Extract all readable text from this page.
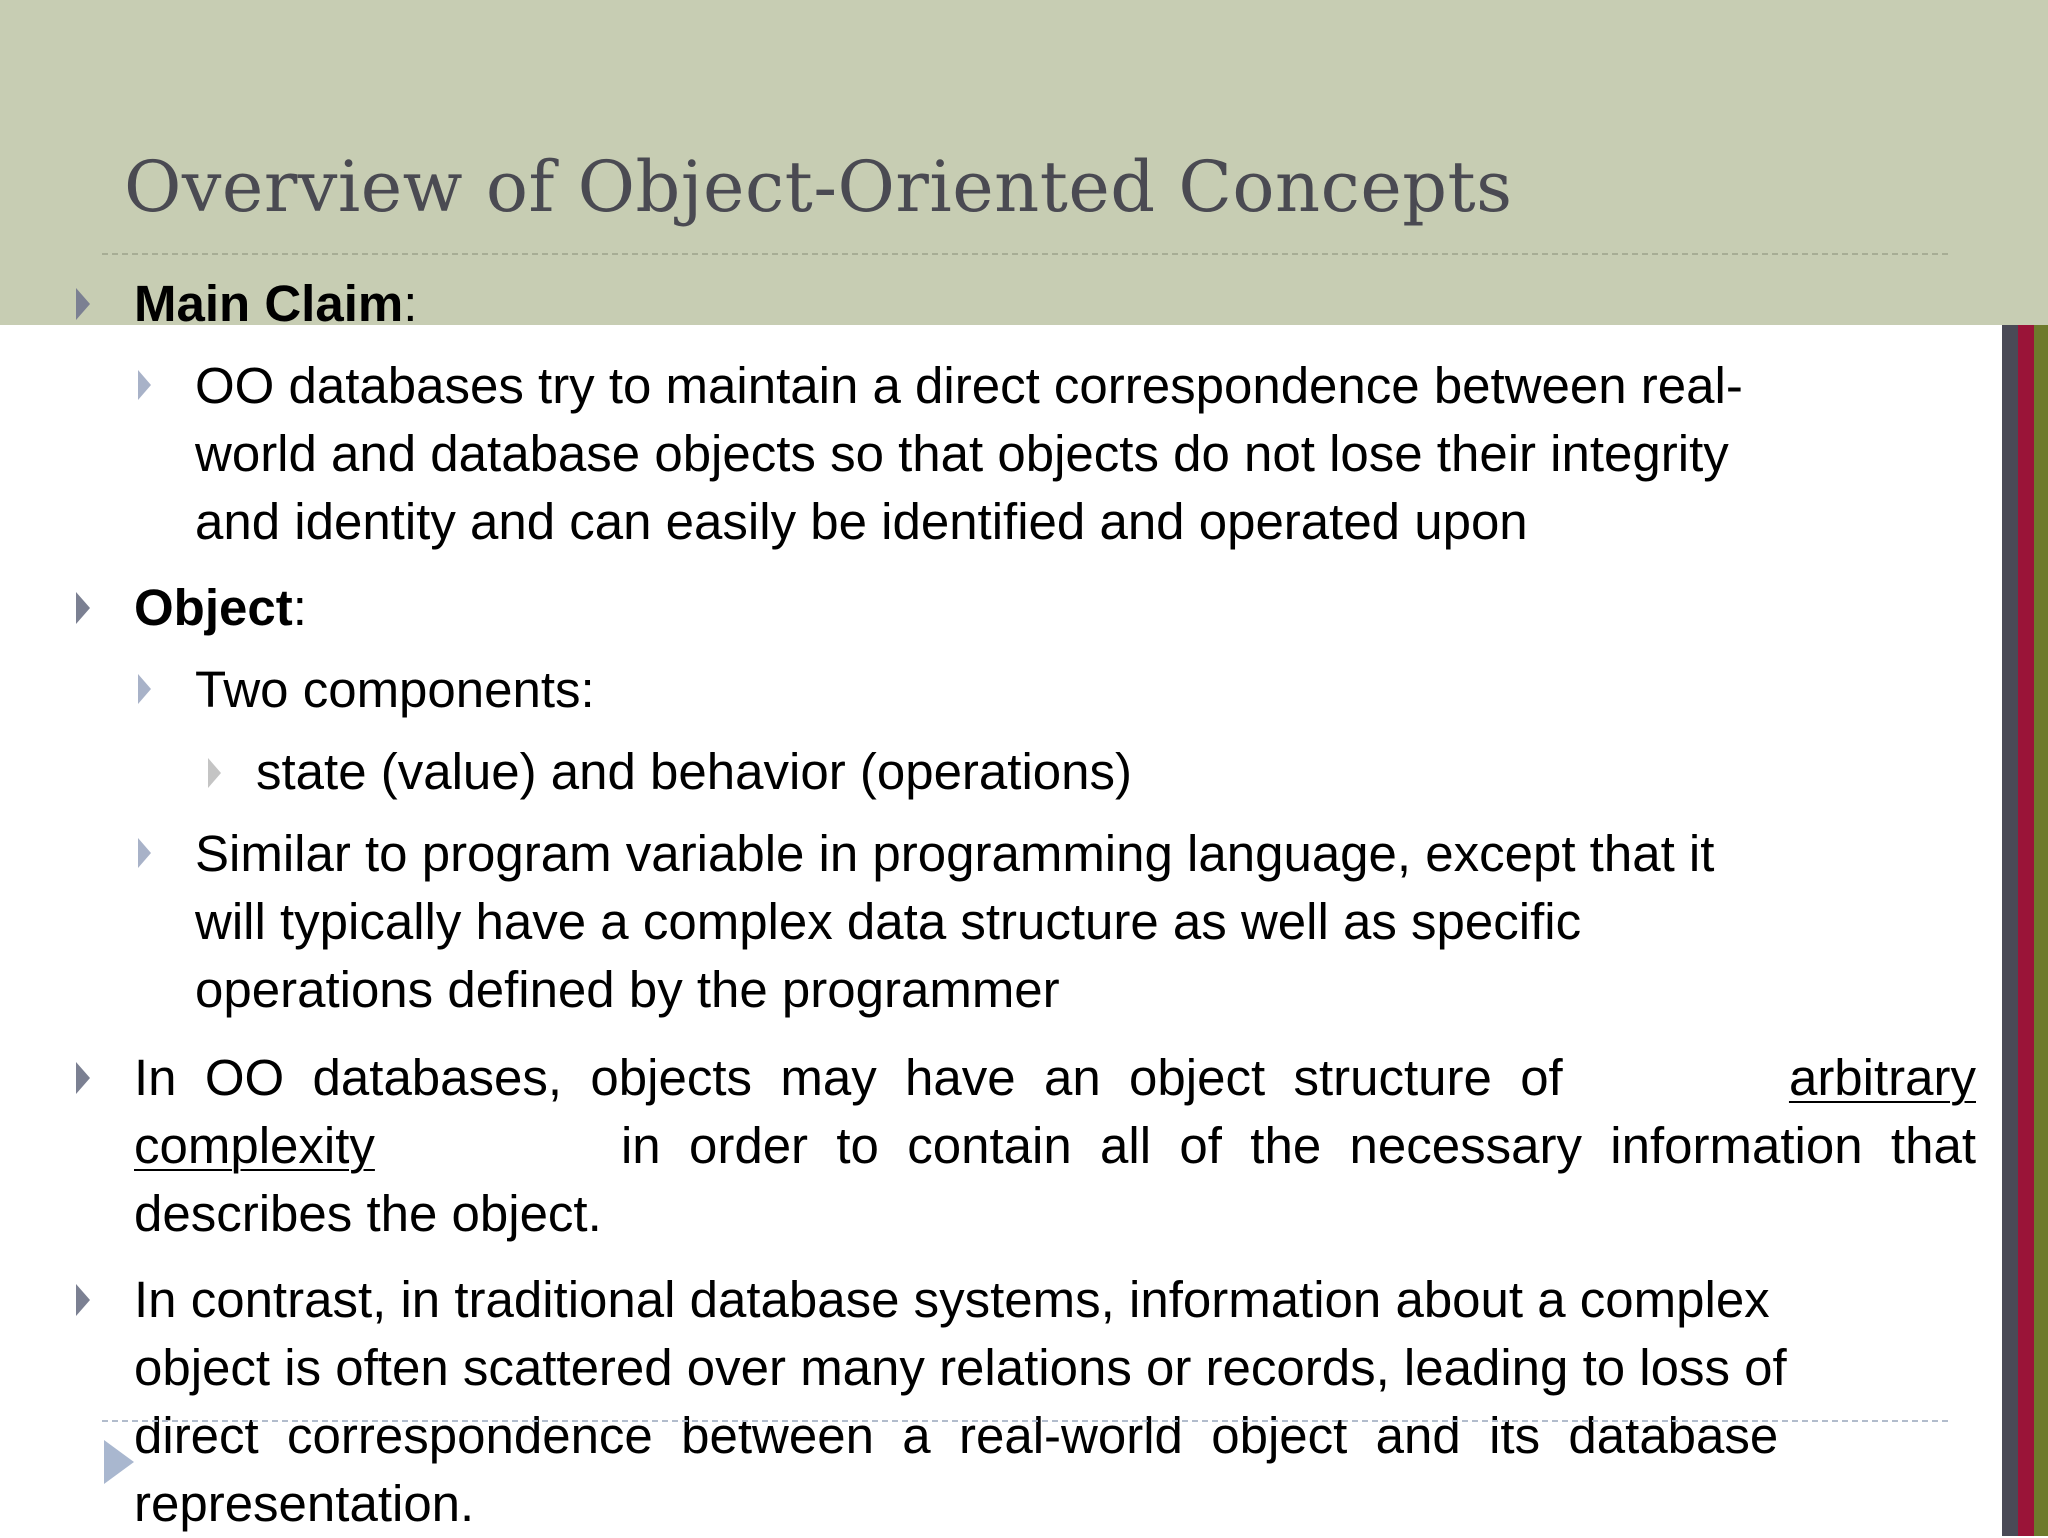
Overview of Object-Oriented Concepts

Main Claim:

OO databases try to maintain a direct correspondence between real-

world and database objects so that objects do not lose their integrity

and identity and can easily be identified and operated upon

Object:

Two components:

state (value) and behavior (operations)

Similar to program variable in programming language, except that it

will typically have a complex data structure as well as specific

operations defined by the programmer

In  OO  databases,  objects  may  have  an  object  structure  of	arbitrary

complexity	in  order  to  contain  all  of  the  necessary  information  that

describes the object.

In contrast, in traditional database systems, information about a complex

object is often scattered over many relations or records, leading to loss of

direct  correspondence  between  a  real-world  object  and  its  database

representation.
